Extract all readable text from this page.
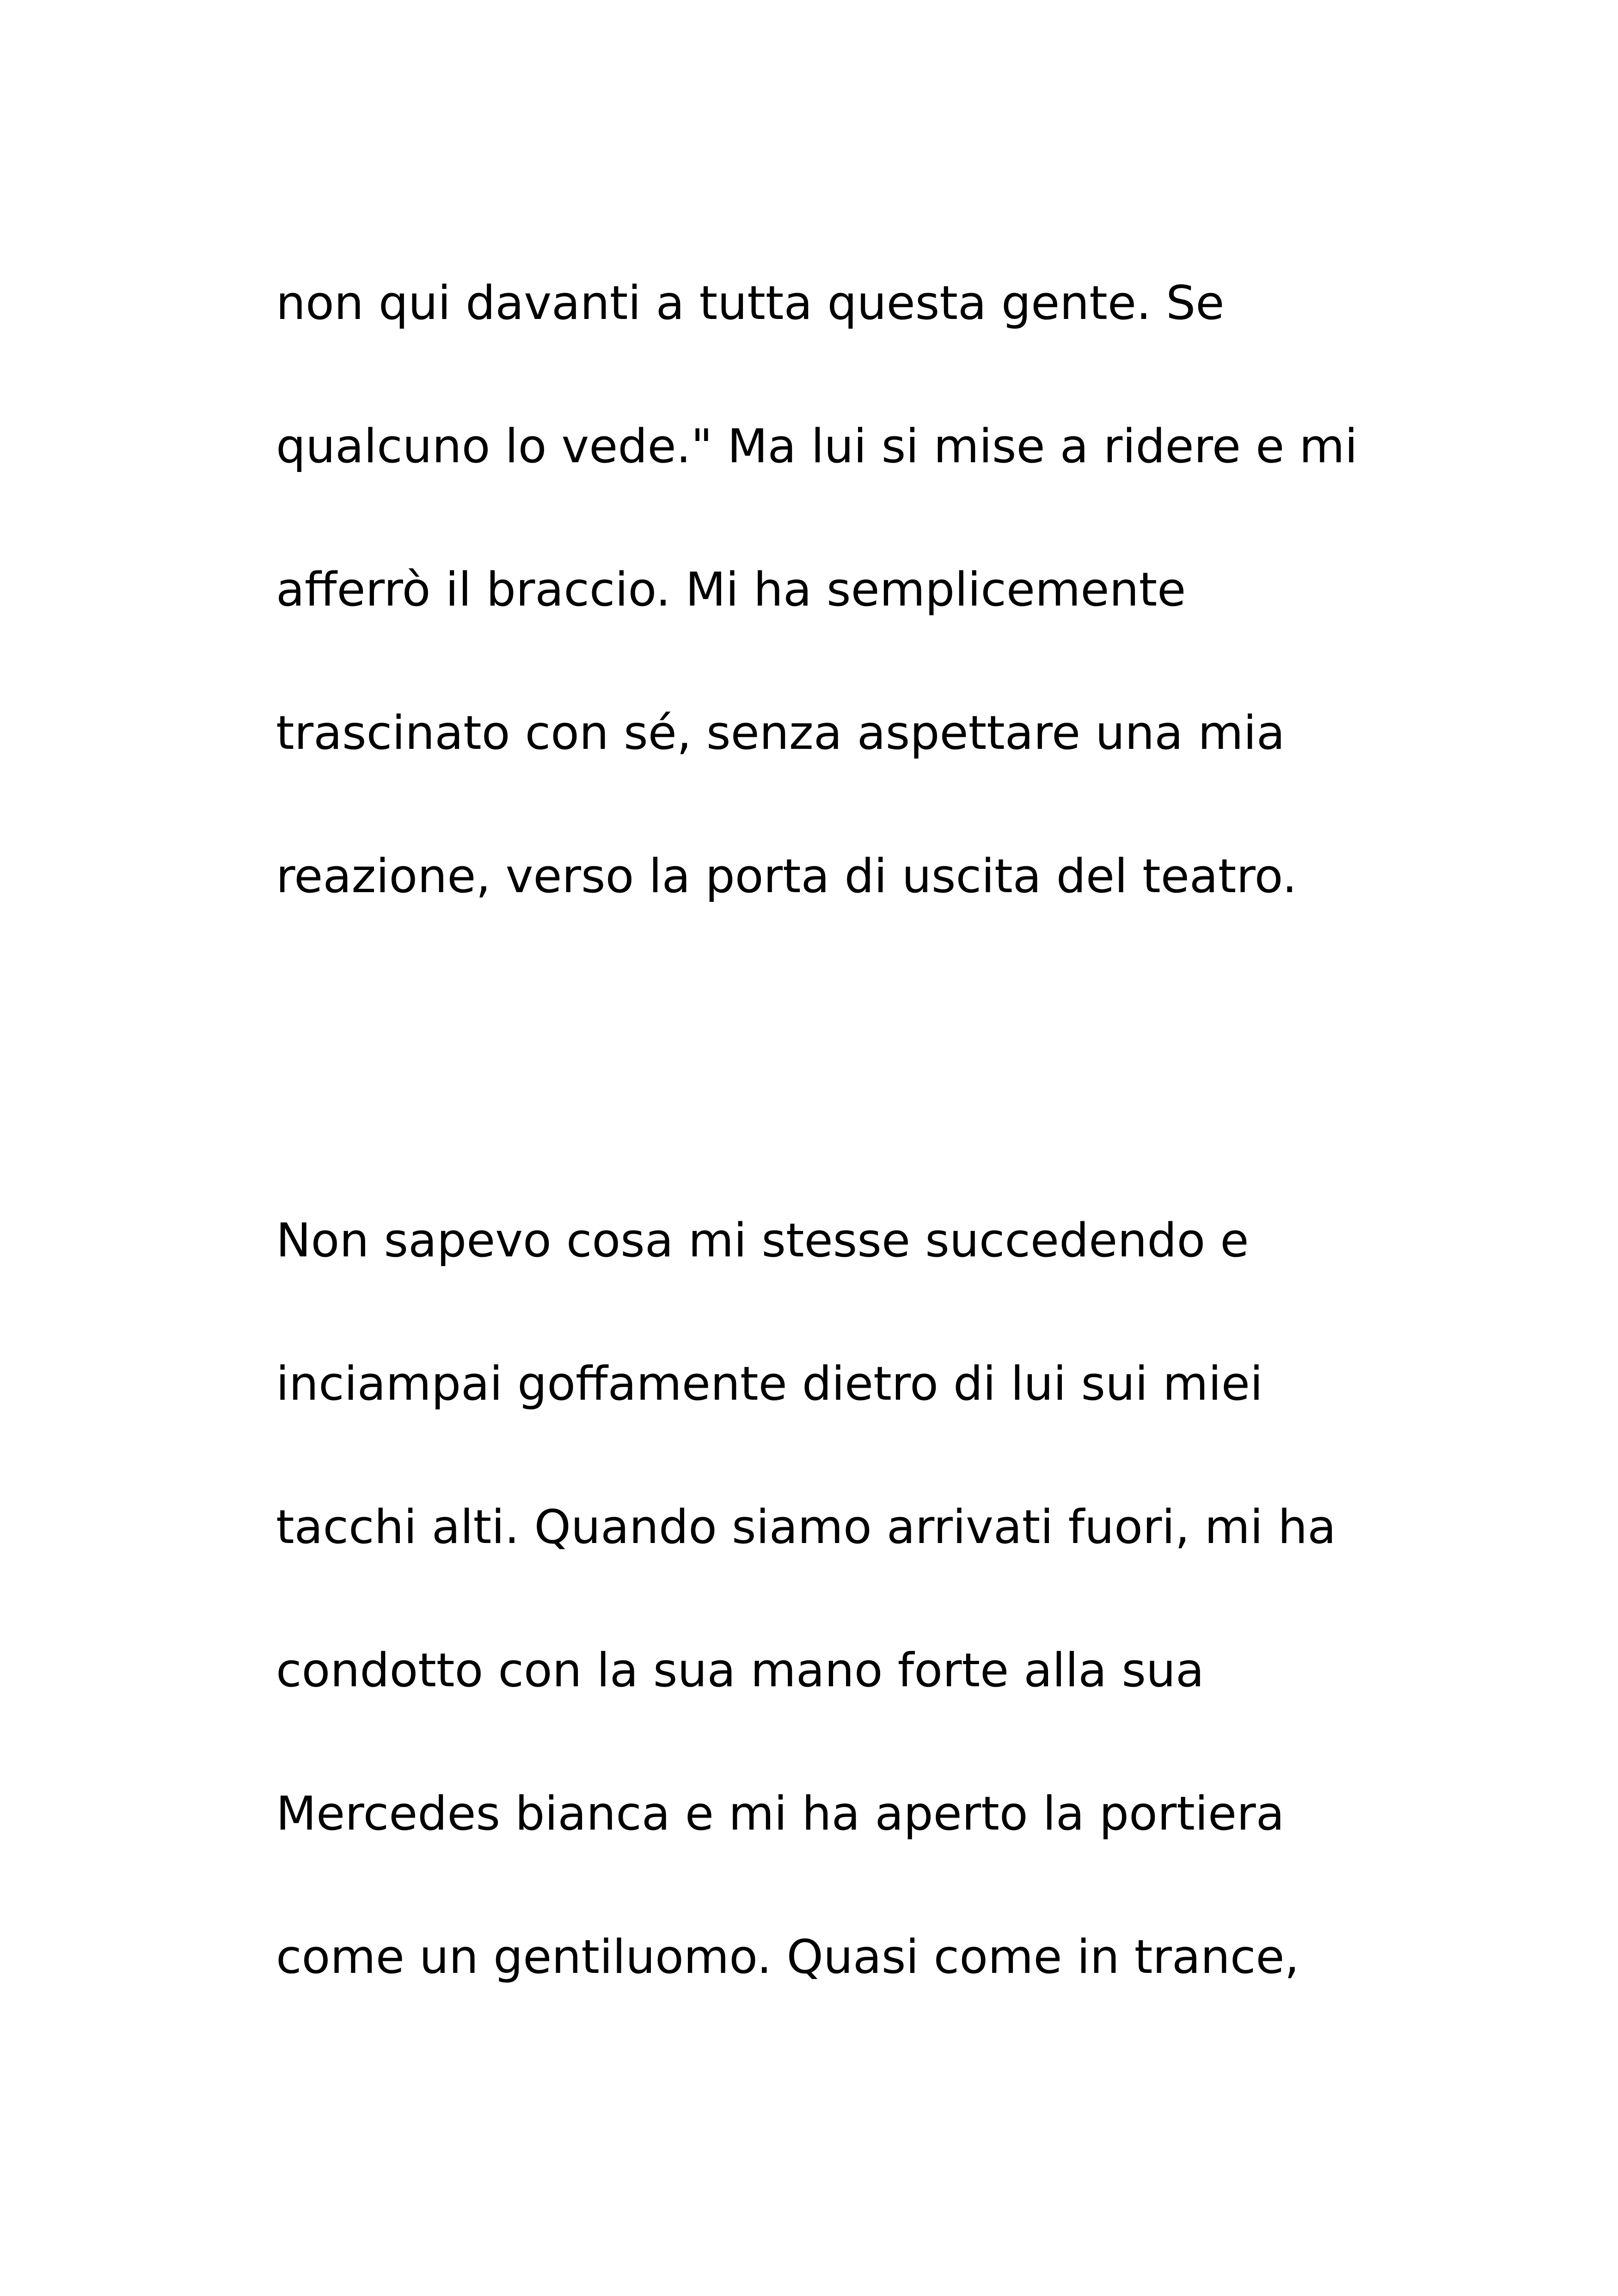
non qui davanti a tutta questa gente. Se
qualcuno lo vede." Ma lui si mise a ridere e mi
afferrò il braccio. Mi ha semplicemente
trascinato con sé, senza aspettare una mia
reazione, verso la porta di uscita del teatro.
Non sapevo cosa mi stesse succedendo e
inciampai goffamente dietro di lui sui miei
tacchi alti. Quando siamo arrivati fuori, mi ha
condotto con la sua mano forte alla sua
Mercedes bianca e mi ha aperto la portiera
come un gentiluomo. Quasi come in trance,
